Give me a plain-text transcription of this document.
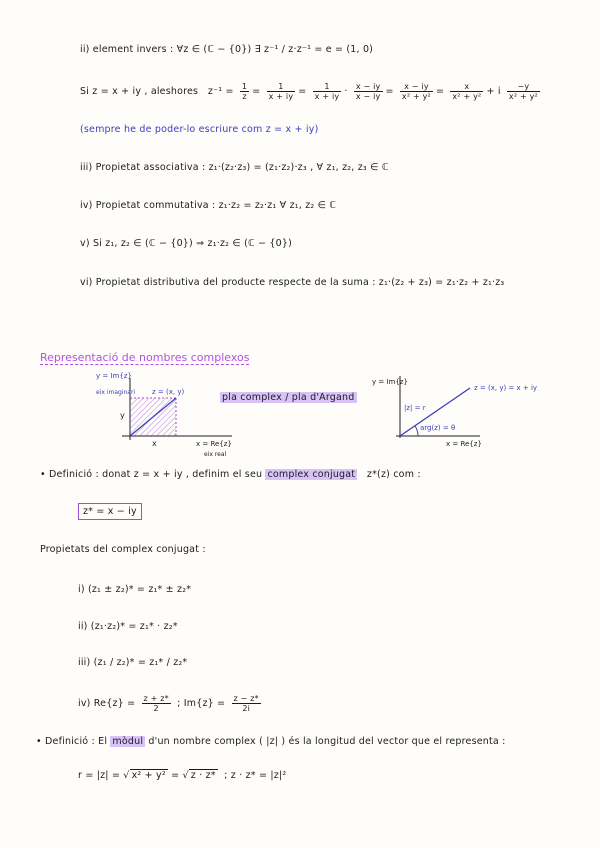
ii) element invers : ∀z ∈ (ℂ − {0}) ∃ z⁻¹ / z·z⁻¹ = e = (1, 0)
Si z = x + iy , aleshores $z^{-1} = \frac{1}{z} = \frac{1}{x + iy} = \frac{1}{x + iy} \cdot \frac{x - iy}{x - iy} = \frac{x - iy}{\text{x² + y²}} = \frac{x}{\text{x² + y²}} + i \frac{-y}{\text{x² + y²}}$
(sempre he de poder-lo escriure com z = x + iy)
iii) Propietat associativa : z₁·(z₂·z₃) = (z₁·z₂)·z₃ , ∀ z₁, z₂, z₃ ∈ ℂ
iv) Propietat commutativa : z₁·z₂ = z₂·z₁ ∀ z₁, z₂ ∈ ℂ
v) Si z₁, z₂ ∈ (ℂ − {0}) ⇒ z₁·z₂ ∈ (ℂ − {0})
vi) Propietat distributiva del producte respecte de la suma : z₁·(z₂ + z₃) = z₁·z₂ + z₁·z₃
Representació de nombres complexos
y = Im{z}
eix imaginari z = (x, y)
y
x	x = Re{z}
eix real
pla complex / pla d'Argand
y = Im{z}
z = (x, y) = x + iy
|z| = r
arg(z) = θ
x = Re{z}
• Definició : donat z = x + iy , definim el seu complex conjugat z*(z) com :
z* = x − iy
Propietats del complex conjugat :
i) (z₁ ± z₂)* = z₁* ± z₂*
ii) (z₁·z₂)* = z₁* · z₂*
iii) (z₁ / z₂)* = z₁* / z₂*
iv) $Re\{z\} = \frac{z + z*}{2}$ ; $Im\{z\} = \frac{z - z*}{2i}$
• Definició : El mòdul d'un nombre complex ( |z| ) és la longitud del vector que el representa :
r = |z| = √ x² + y² = √ z · z* ; z · z* = |z|²
